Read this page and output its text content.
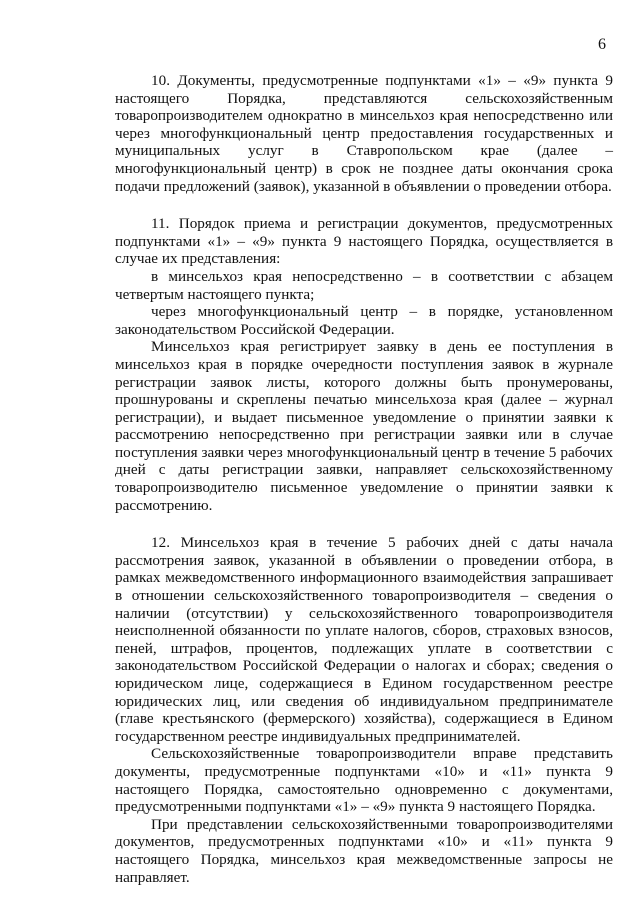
6

10. Документы, предусмотренные подпунктами «1» – «9» пункта 9 настоящего Порядка, представляются сельскохозяйственным товаропроизводителем однократно в минсельхоз края непосредственно или через многофункциональный центр предоставления государственных и муниципальных услуг в Ставропольском крае (далее – многофункциональный центр) в срок не позднее даты окончания срока подачи предложений (заявок), указанной в объявлении о проведении отбора.

11. Порядок приема и регистрации документов, предусмотренных подпунктами «1» – «9» пункта 9 настоящего Порядка, осуществляется в случае их представления:

в минсельхоз края непосредственно – в соответствии с абзацем четвертым настоящего пункта;

через многофункциональный центр – в порядке, установленном законодательством Российской Федерации.

Минсельхоз края регистрирует заявку в день ее поступления в минсельхоз края в порядке очередности поступления заявок в журнале регистрации заявок листы, которого должны быть пронумерованы, прошнурованы и скреплены печатью минсельхоза края (далее – журнал регистрации), и выдает письменное уведомление о принятии заявки к рассмотрению непосредственно при регистрации заявки или в случае поступления заявки через многофункциональный центр в течение 5 рабочих дней с даты регистрации заявки, направляет сельскохозяйственному товаропроизводителю письменное уведомление о принятии заявки к рассмотрению.

12. Минсельхоз края в течение 5 рабочих дней с даты начала рассмотрения заявок, указанной в объявлении о проведении отбора, в рамках межведомственного информационного взаимодействия запрашивает в отношении сельскохозяйственного товаропроизводителя – сведения о наличии (отсутствии) у сельскохозяйственного товаропроизводителя неисполненной обязанности по уплате налогов, сборов, страховых взносов, пеней, штрафов, процентов, подлежащих уплате в соответствии с законодательством Российской Федерации о налогах и сборах; сведения о юридическом лице, содержащиеся в Едином государственном реестре юридических лиц, или сведения об индивидуальном предпринимателе (главе крестьянского (фермерского) хозяйства), содержащиеся в Едином государственном реестре индивидуальных предпринимателей.

Сельскохозяйственные товаропроизводители вправе представить документы, предусмотренные подпунктами «10» и «11» пункта 9 настоящего Порядка, самостоятельно одновременно с документами, предусмотренными подпунктами «1» – «9» пункта 9 настоящего Порядка.

При представлении сельскохозяйственными товаропроизводителями документов, предусмотренных подпунктами «10» и «11» пункта 9 настоящего Порядка, минсельхоз края межведомственные запросы не направляет.
